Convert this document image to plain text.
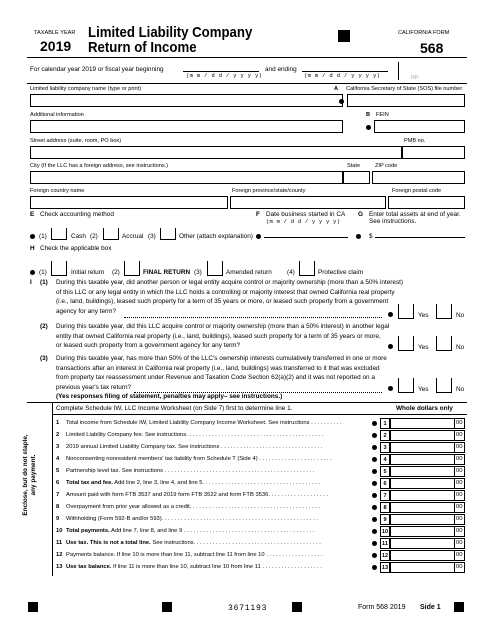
TAXABLE YEAR
2019
Limited Liability Company
Return of Income
CALIFORNIA FORM
568
For calendar year 2019 or fiscal year beginning
(m m / d d / y y y y)
and ending
(m m / d d / y y y y)	RP
Limited liability company name (type or print)	A California Secretary of State (SOS) file number
Additional information	B FEIN
Street address (suite, room, PO box)	PMB no.
City (If the LLC has a foreign address, see instructions.)	State	ZIP code
Foreign country name	Foreign province/state/county	Foreign postal code
E Check accounting method	F Date business started in CA
(m m / d d / y y y y)
G Enter total assets at end of year.
See instructions.
$
(1)	Cash (2)	Accrual (3)	Other (attach explanation)
H Check the applicable box
(1)	Initial return (2)	FINAL RETURN (3)	Amended return (4)	Protective claim
I (1) During this taxable year, did another person or legal entity acquire control or majority ownership (more than a 50% interest)
of this LLC or any legal entity in which the LLC holds a controlling or majority interest that owned California real property
(i.e., land, buildings), leased such property for a term of 35 years or more, or leased such property from a government
agency for any term?
Yes	No
(2) During this taxable year, did this LLC acquire control or majority ownership (more than a 50% interest) in another legal
entity that owned California real property (i.e., land, buildings), leased such property for a term of 35 years or more,
or leased such property from a government agency for any term?	Yes	No
(3) During this taxable year, has more than 50% of the LLC's ownership interests cumulatively transferred in one or more
transactions after an interest in California real property (i.e., land, buildings) was transferred to it that was excluded
from property tax reassessment under Revenue and Taxation Code Section 62(a)(2) and it was not reported on a
previous year's tax return?	Yes	No
(Yes responses filing of statement, penalties may apply– see instructions.)
Complete Schedule IW, LLC Income Worksheet (on Side 7) first to determine line 1.	Whole dollars only
Enclose, but do not staple, any payment.
1 Total income from Schedule IW, Limited Liability Company Income Worksheet. See instructions . . . . . . . . . .	1	00
2 Limited Liability Company fee. See instructions. . . . . . . . . . . . . . . . . . . . . . . . . . . . . . . . . . . . . . . . . . .	2	00
3 2019 annual Limited Liability Company tax. See instructions . . . . . . . . . . . . . . . . . . . . . . . . . . . . . . . .	3	00
4 Nonconsenting nonresident members' tax liability from Schedule T (Side 4) . . . . . . . . . . . . . . . . . . . . . . .	4	00
5 Partnership level tax. See instructions . . . . . . . . . . . . . . . . . . . . . . . . . . . . . . . . . . . . . . . . . . . . . . .	5	00
6 Total tax and fee. Add line 2, line 3, line 4, and line 5. . . . . . . . . . . . . . . . . . . . . . . . . . . . . . . . . . . . .	6	00
7 Amount paid with form FTB 3537 and 2019 form FTB 3522 and form FTB 3536. . . . . . . . . . . . . . . . . . .	7	00
8 Overpayment from prior year allowed as a credit. . . . . . . . . . . . . . . . . . . . . . . . . . . . . . . . . . . . . . . . .	8	00
9 Withholding (Form 592-B and/or 593). . . . . . . . . . . . . . . . . . . . . . . . . . . . . . . . . . . . . . . . . . . . . . . . .	9	00
10 Total payments. Add line 7, line 8, and line 9 . . . . . . . . . . . . . . . . . . . . . . . . . . . . . . . . . . . . . . . . .	10	00
11 Use tax. This is not a total line. See instructions. . . . . . . . . . . . . . . . . . . . . . . . . . . . . . . . . . . . . . . .	11	00
12 Payments balance. If line 10 is more than line 11, subtract line 11 from line 10 . . . . . . . . . . . . . . . . . .	12	00
13 Use tax balance. If line 11 is more than line 10, subtract line 10 from line 11 . . . . . . . . . . . . . . . . . . .	13	00
3671193	Form 568 2019 Side 1
